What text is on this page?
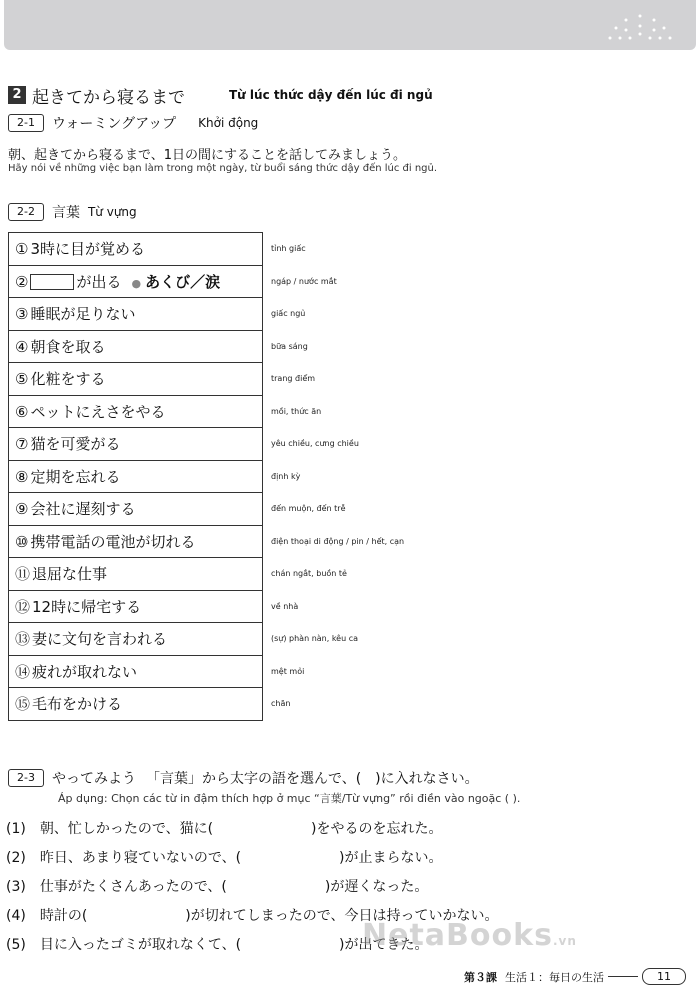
2 起きてから寝るまで	Từ lúc thức dậy đến lúc đi ngủ
2-1	ウォーミングアップ Khởi động
朝、起きてから寝るまで、1日の間にすることを話してみましょう。
Hãy nói về những việc bạn làm trong một ngày, từ buổi sáng thức dậy đến lúc đi ngủ.
2-2	言葉 Từ vựng
① 3時に目が覚める	tỉnh giấc
② が出る ● あくび／涙	ngáp / nước mắt
③ 睡眠が足りない	giấc ngủ
④ 朝食を取る	bữa sáng
⑤ 化粧をする	trang điểm
⑥ ペットにえさをやる	mồi, thức ăn
⑦ 猫を可愛がる	yêu chiều, cưng chiều
⑧ 定期を忘れる	định kỳ
⑨ 会社に遅刻する	đến muộn, đến trễ
⑩ 携帯電話の電池が切れる	điện thoại di động / pin / hết, cạn
⑪ 退屈な仕事	chán ngắt, buồn tẻ
⑫ 12時に帰宅する	về nhà
⑬ 妻に文句を言われる	(sự) phàn nàn, kêu ca
⑭ 疲れが取れない	mệt mỏi
⑮ 毛布をかける	chăn
2-3	やってみよう 「言葉」から太字の語を選んで、(　)に入れなさい。
Áp dụng: Chọn các từ in đậm thích hợp ở mục “言葉/Từ vựng” rồi điền vào ngoặc ( ).
(1)　 朝、忙しかったので、猫に(　　　　　　　)をやるのを忘れた。
(2)　 昨日、あまり寝ていないので、(　　　　　　　)が止まらない。
(3)　 仕事がたくさんあったので、(　　　　　　　)が遅くなった。
(4)　 時計の(　　　　　　　)が切れてしまったので、今日は持っていかない。
(5)　 目に入ったゴミが取れなくて、(　　　　　　　)が出てきた。
NetaBooks.vn
第３課 生活１：毎日の生活	11
